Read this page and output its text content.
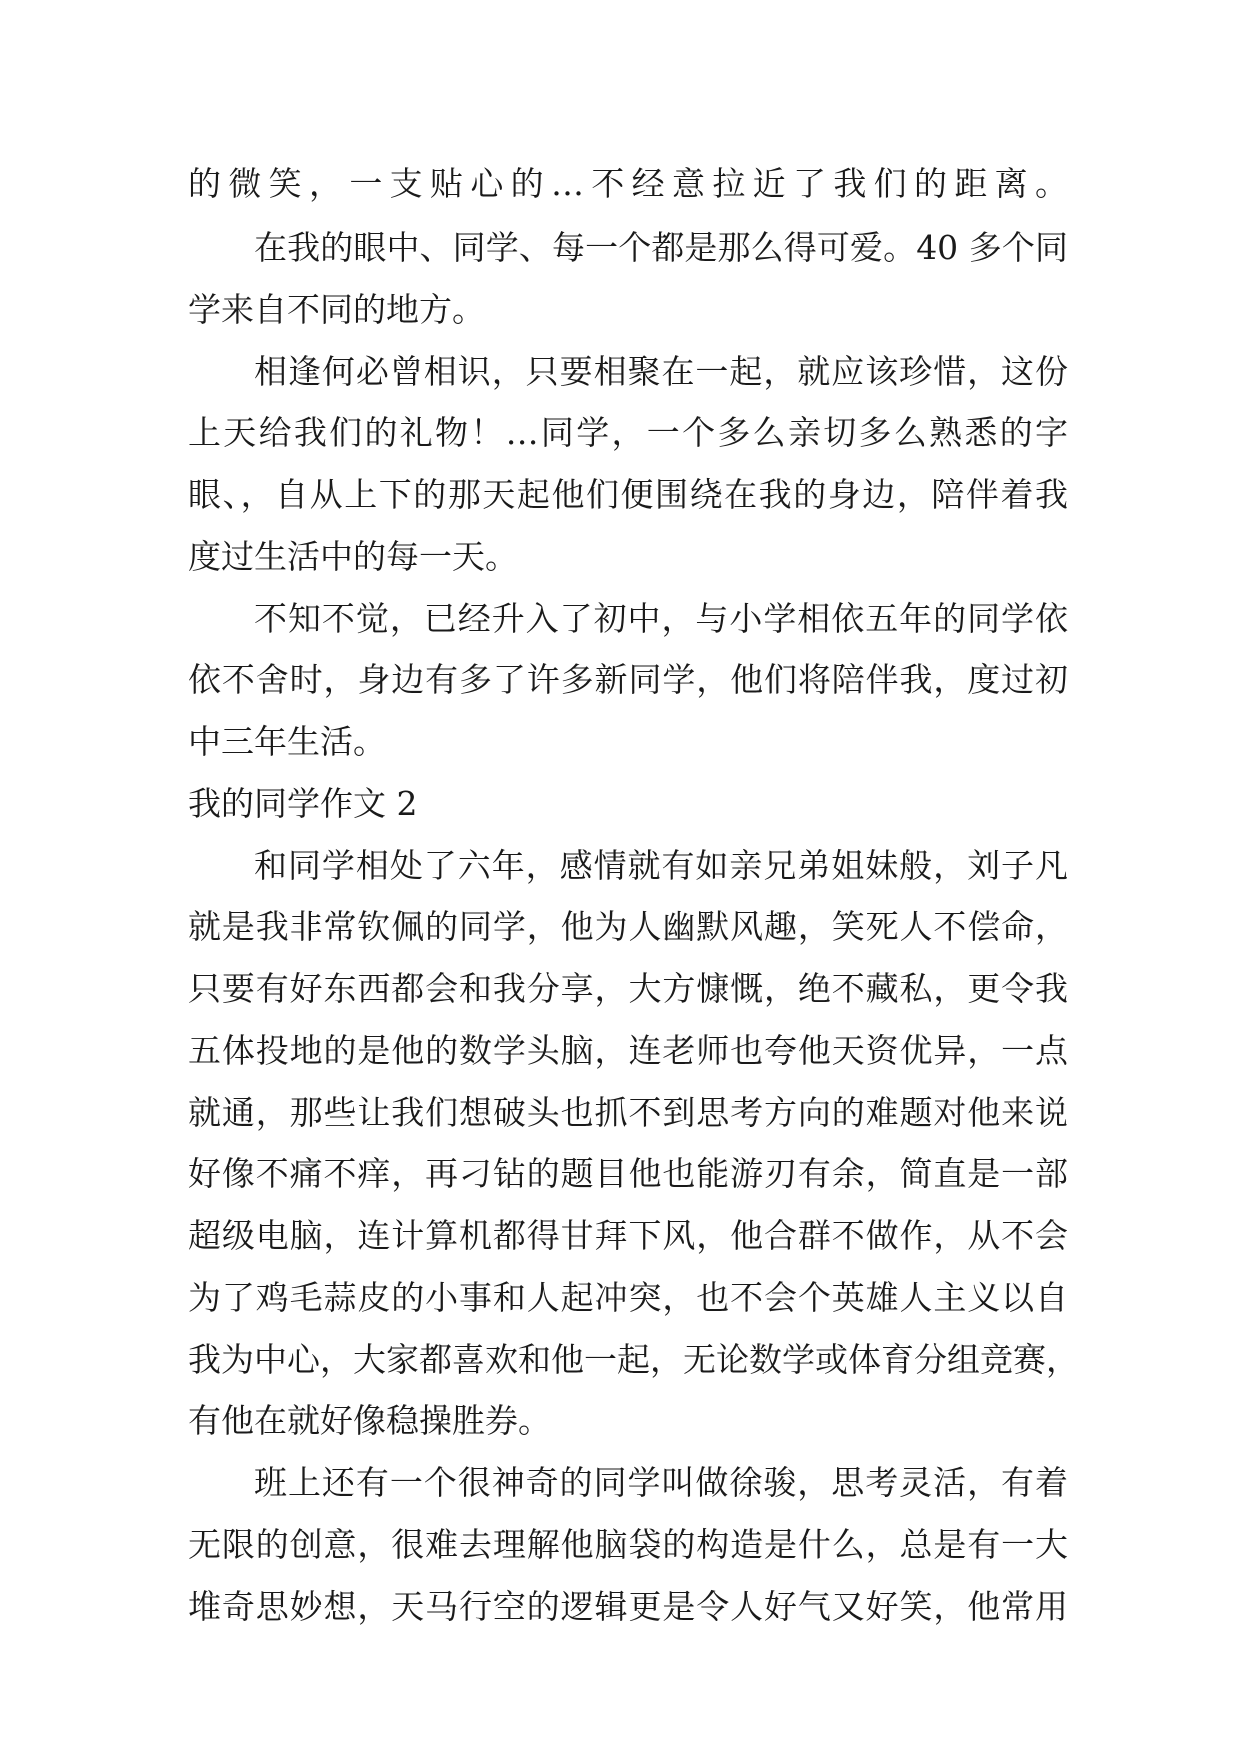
的微笑，一支贴心的…不经意拉近了我们的距离。
在我的眼中、同学、每一个都是那么得可爱。40 多个同
学来自不同的地方。
相逢何必曾相识，只要相聚在一起，就应该珍惜，这份
上天给我们的礼物！…同学，一个多么亲切多么熟悉的字
眼、，自从上下的那天起他们便围绕在我的身边，陪伴着我
度过生活中的每一天。
不知不觉，已经升入了初中，与小学相依五年的同学依
依不舍时，身边有多了许多新同学，他们将陪伴我，度过初
中三年生活。
我的同学作文 2
和同学相处了六年，感情就有如亲兄弟姐妹般，刘子凡
就是我非常钦佩的同学，他为人幽默风趣，笑死人不偿命，
只要有好东西都会和我分享，大方慷慨，绝不藏私，更令我
五体投地的是他的数学头脑，连老师也夸他天资优异，一点
就通，那些让我们想破头也抓不到思考方向的难题对他来说
好像不痛不痒，再刁钻的题目他也能游刃有余，简直是一部
超级电脑，连计算机都得甘拜下风，他合群不做作，从不会
为了鸡毛蒜皮的小事和人起冲突，也不会个英雄人主义以自
我为中心，大家都喜欢和他一起，无论数学或体育分组竞赛，
有他在就好像稳操胜券。
班上还有一个很神奇的同学叫做徐骏，思考灵活，有着
无限的创意，很难去理解他脑袋的构造是什么，总是有一大
堆奇思妙想，天马行空的逻辑更是令人好气又好笑，他常用
